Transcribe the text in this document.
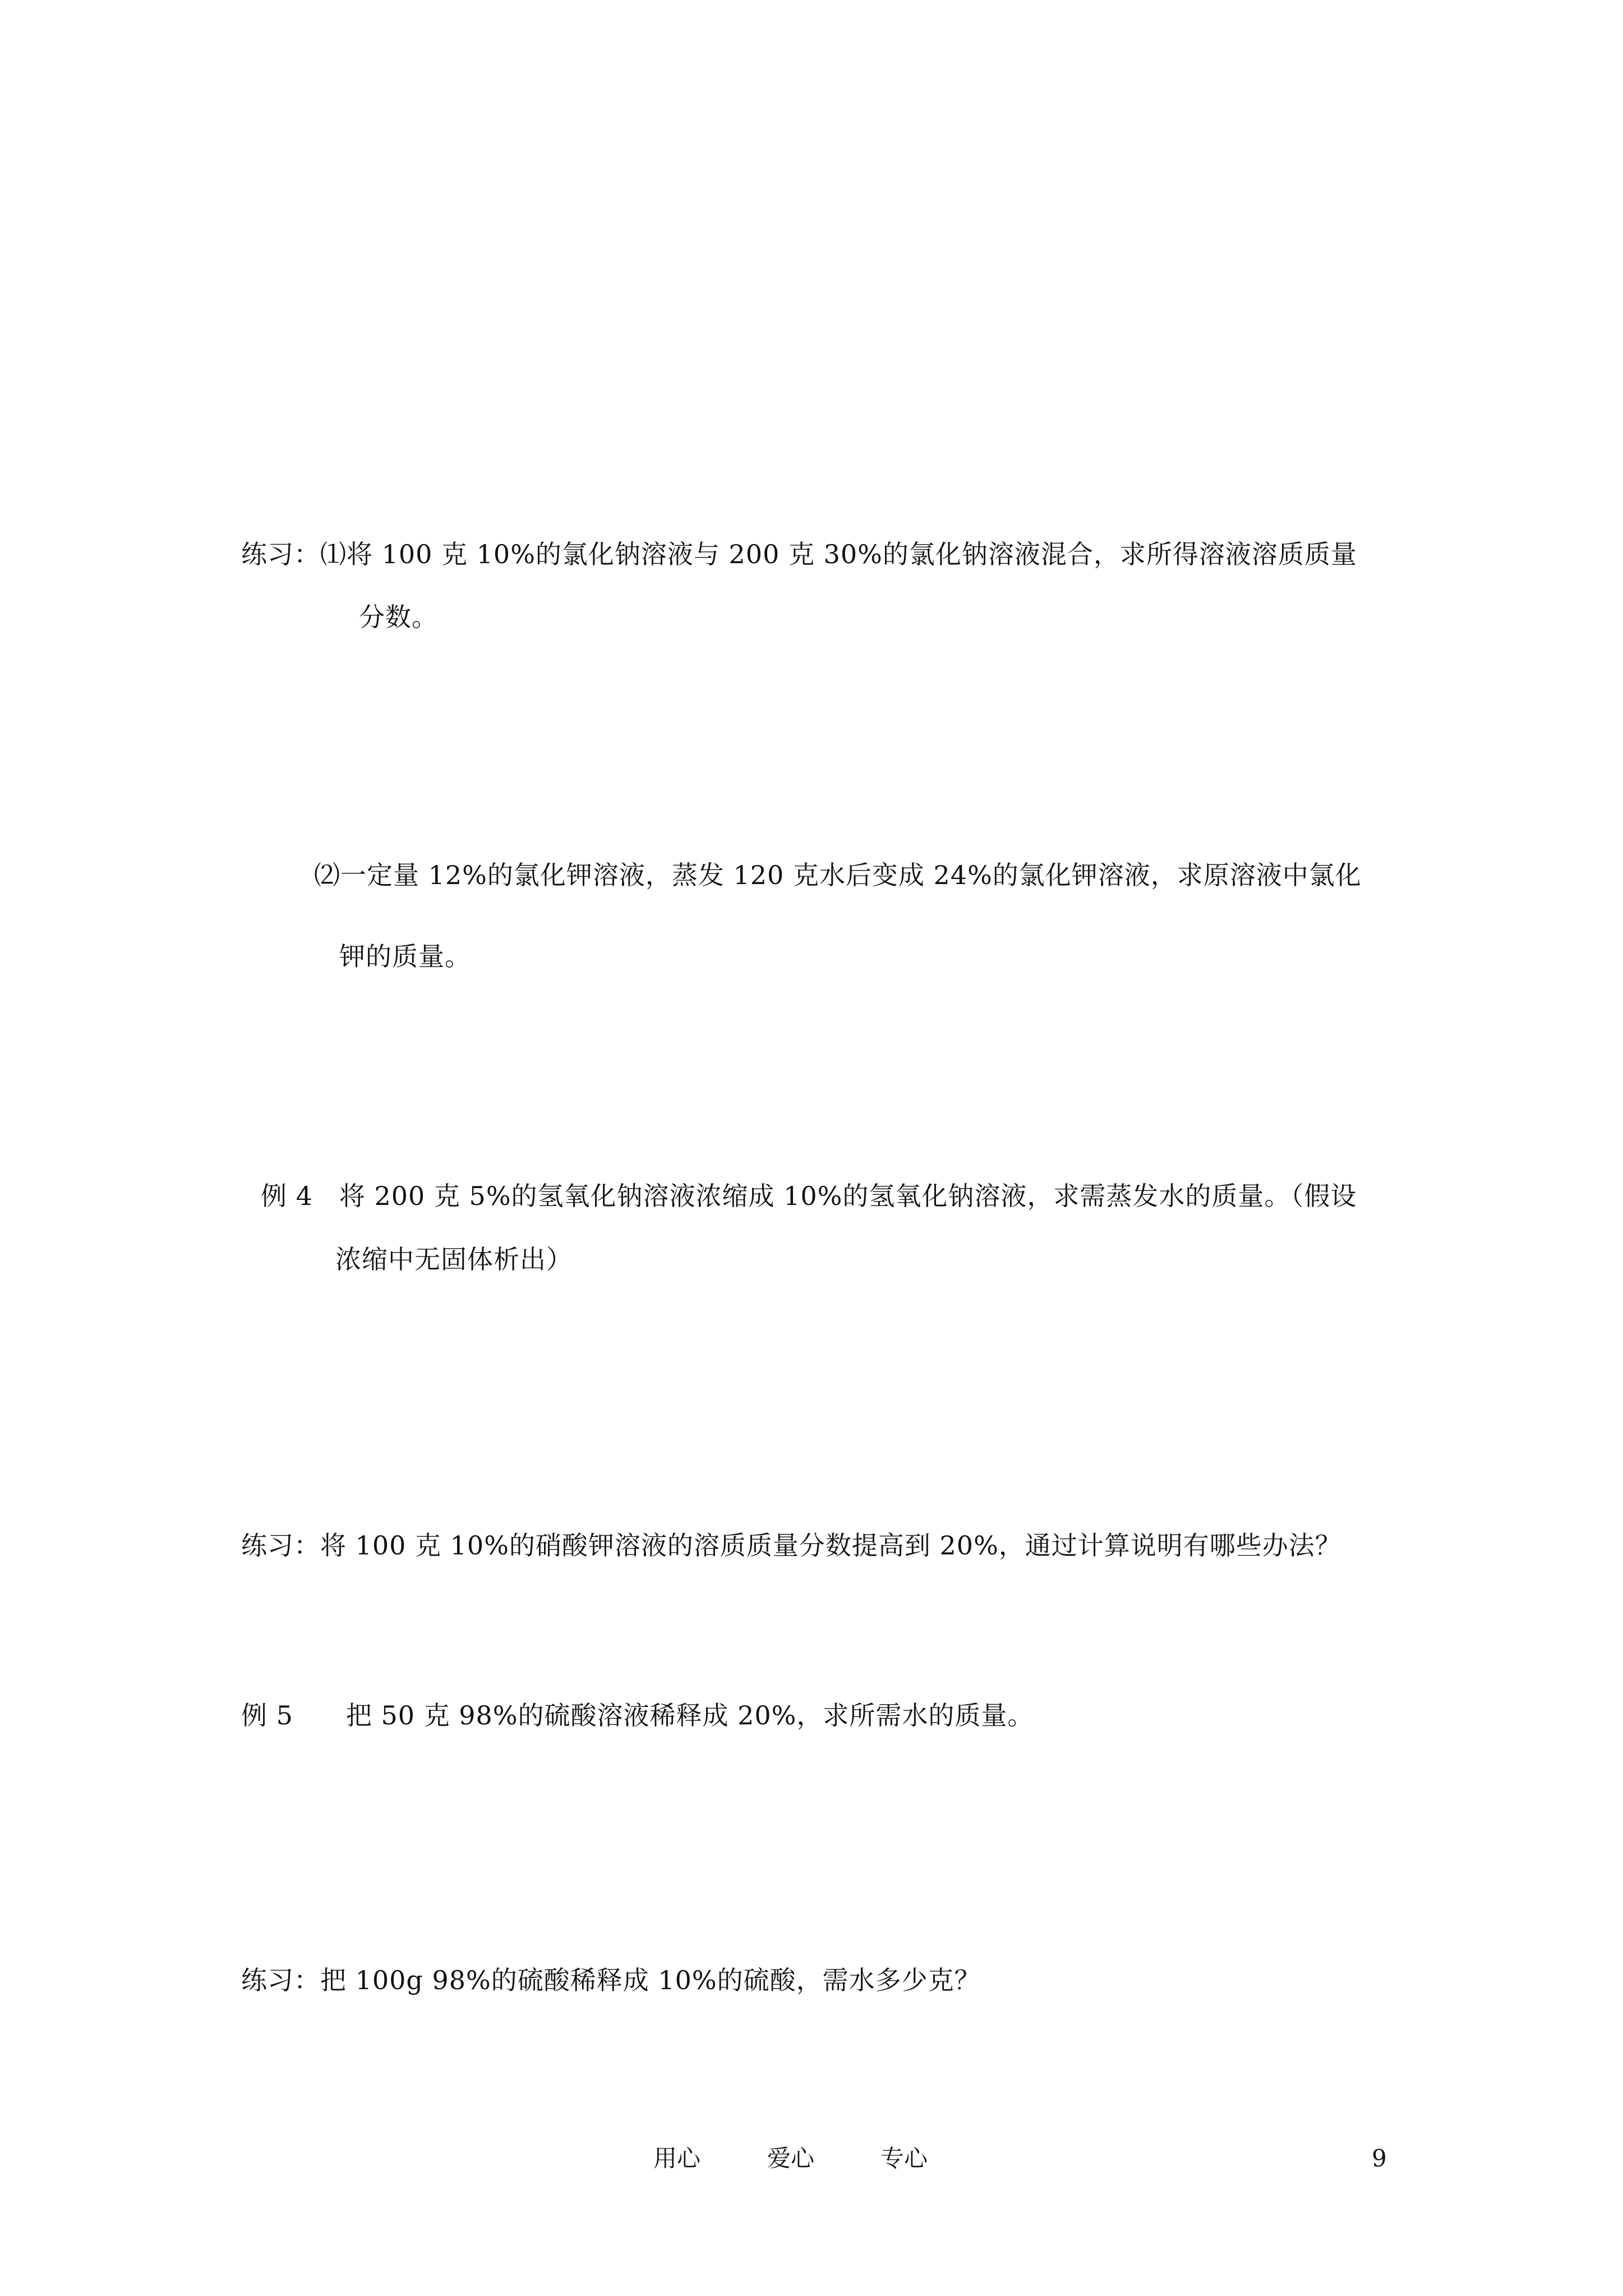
练习：⑴将 100 克 10%的氯化钠溶液与 200 克 30%的氯化钠溶液混合，求所得溶液溶质质量
分数。
⑵一定量 12%的氯化钾溶液，蒸发 120 克水后变成 24%的氯化钾溶液，求原溶液中氯化
钾的质量。
例 4　将 200 克 5%的氢氧化钠溶液浓缩成 10%的氢氧化钠溶液，求需蒸发水的质量。（假设
浓缩中无固体析出）
练习：将 100 克 10%的硝酸钾溶液的溶质质量分数提高到 20%，通过计算说明有哪些办法？
例 5　　把 50 克 98%的硫酸溶液稀释成 20%，求所需水的质量。
练习：把 100g 98%的硫酸稀释成 10%的硫酸，需水多少克？
用心	爱心	专心	9
